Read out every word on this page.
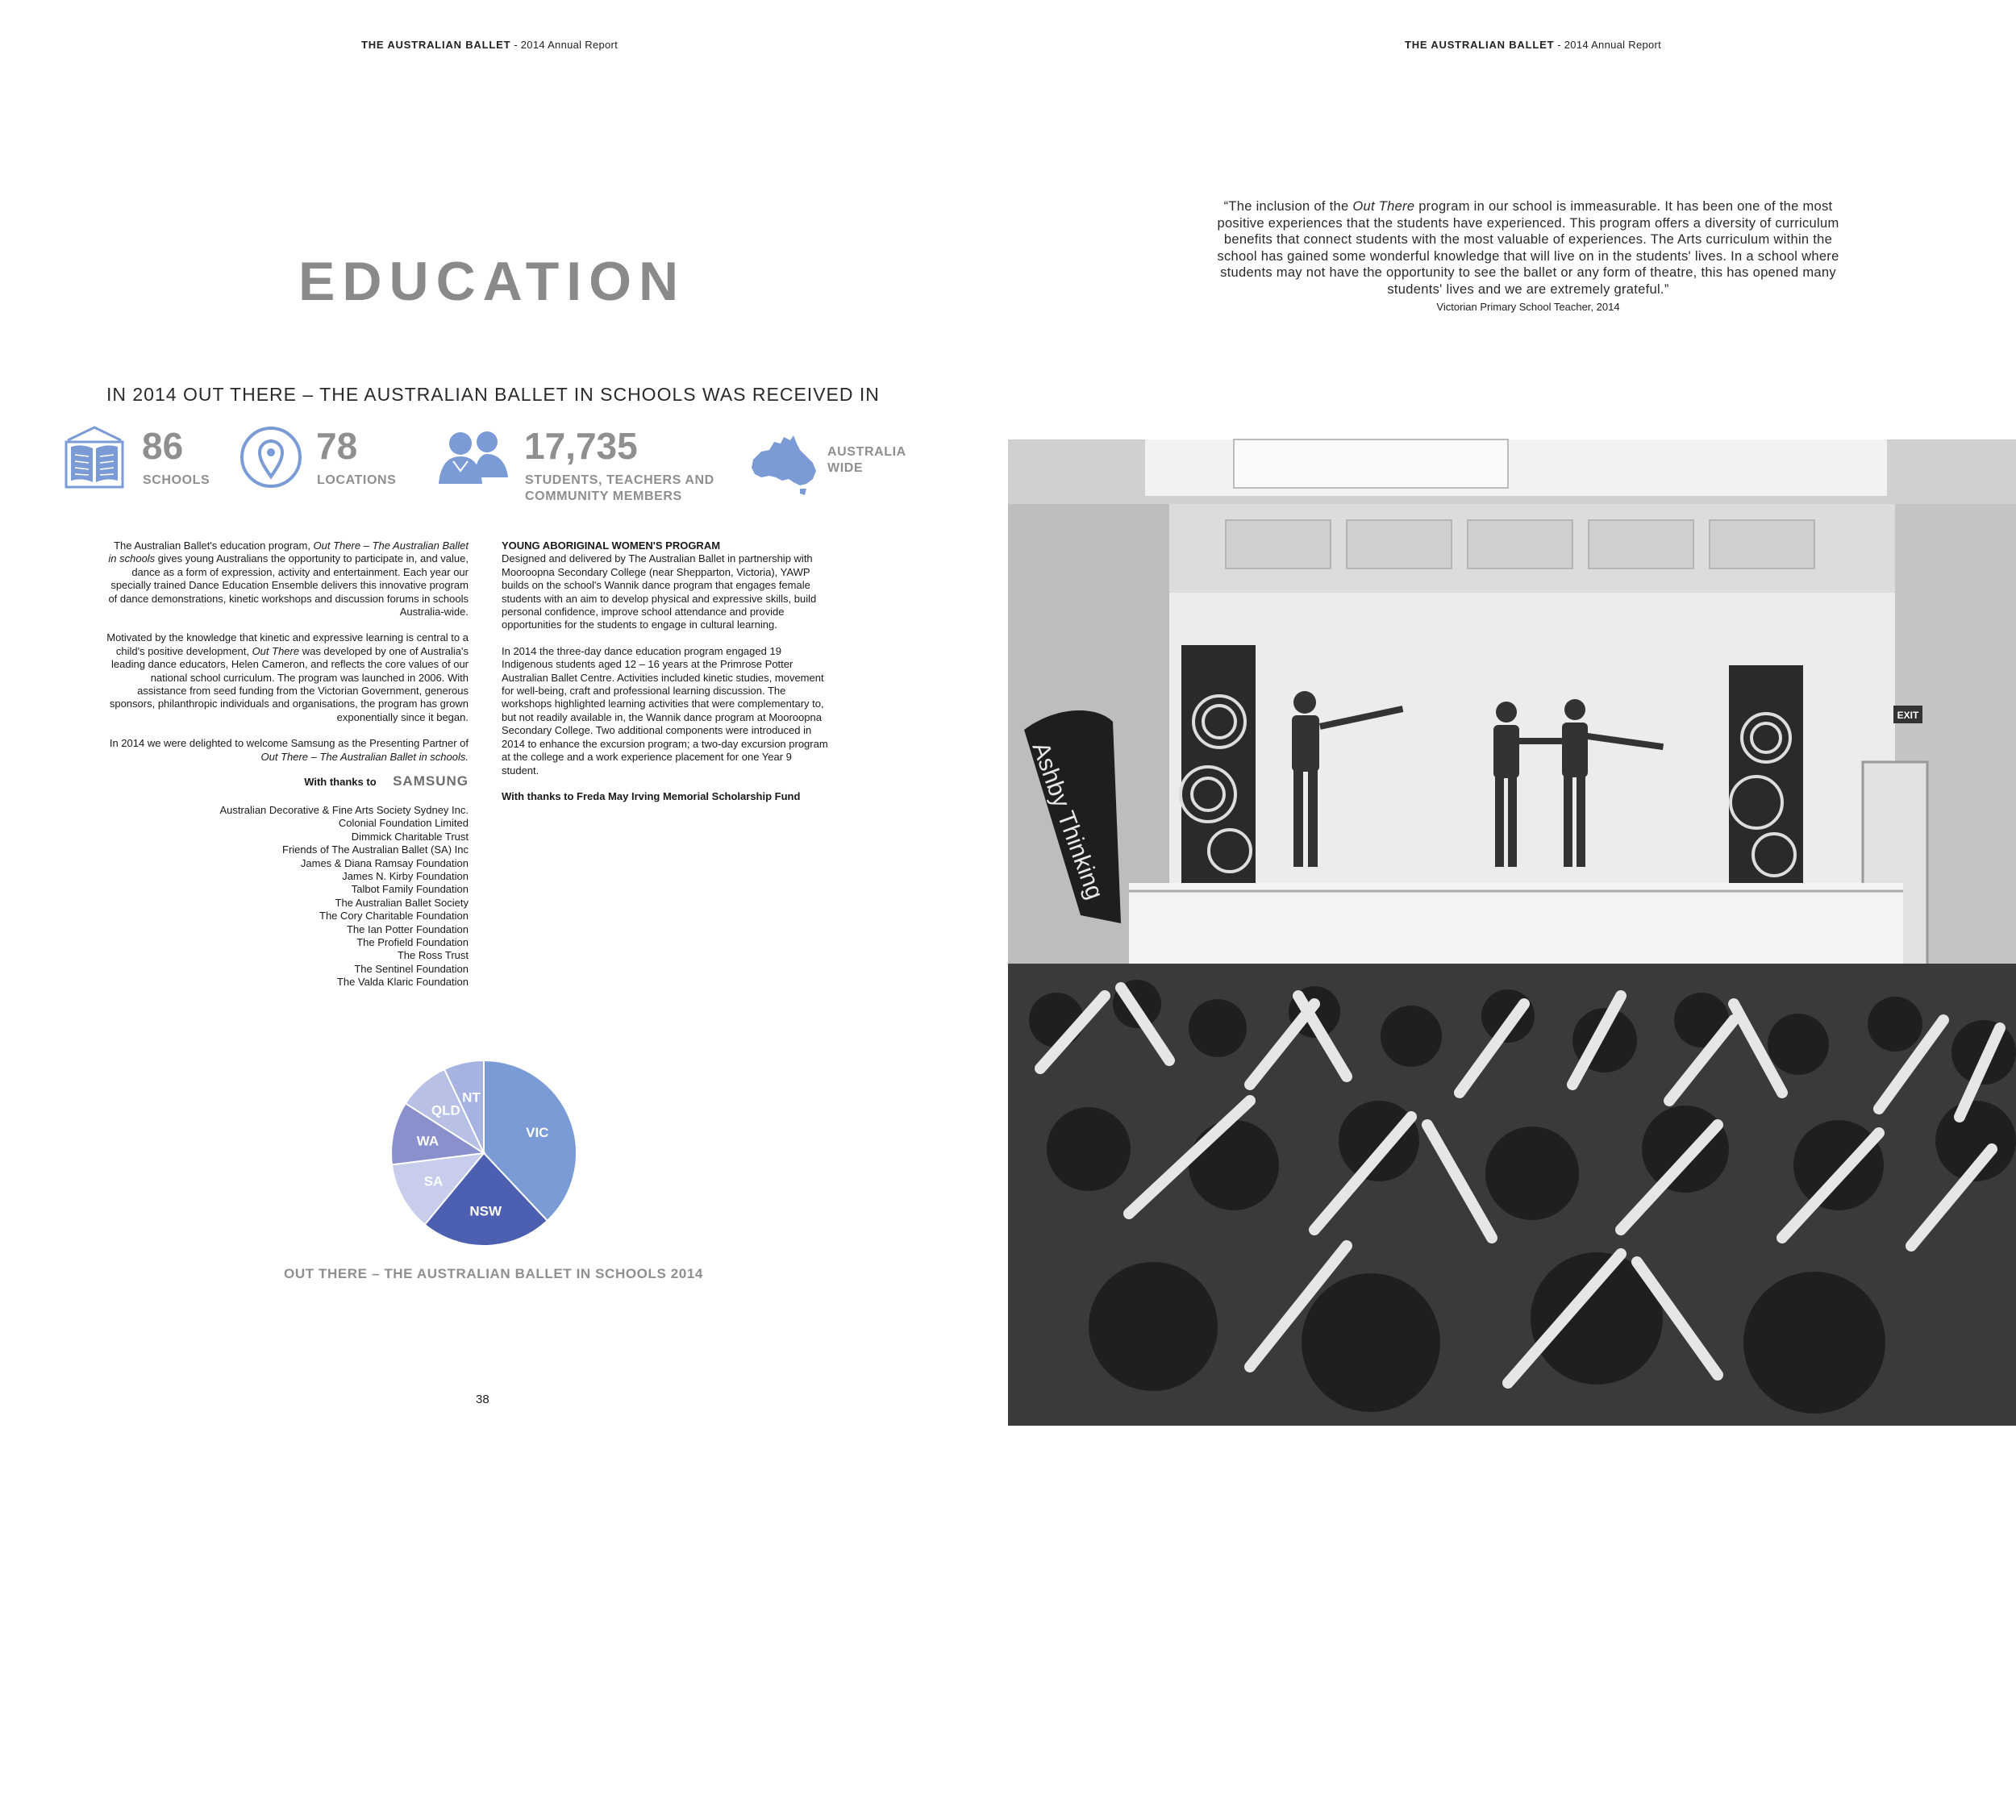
THE AUSTRALIAN BALLET - 2014 Annual Report	THE AUSTRALIAN BALLET - 2014 Annual Report
EDUCATION
IN 2014 OUT THERE – THE AUSTRALIAN BALLET IN SCHOOLS WAS RECEIVED IN
86
SCHOOLS
78
LOCATIONS
17,735
STUDENTS, TEACHERS AND
COMMUNITY MEMBERS
AUSTRALIA
WIDE

The Australian Ballet's education program, Out There – The Australian Ballet in schools gives young Australians the opportunity to participate in, and value, dance as a form of expression, activity and entertainment. Each year our specially trained Dance Education Ensemble delivers this innovative program of dance demonstrations, kinetic workshops and discussion forums in schools Australia-wide.

Motivated by the knowledge that kinetic and expressive learning is central to a child's positive development, Out There was developed by one of Australia's leading dance educators, Helen Cameron, and reflects the core values of our national school curriculum. The program was launched in 2006. With assistance from seed funding from the Victorian Government, generous sponsors, philanthropic individuals and organisations, the program has grown exponentially since it began.

In 2014 we were delighted to welcome Samsung as the Presenting Partner of Out There – The Australian Ballet in schools.

With thanks to SAMSUNG
Australian Decorative & Fine Arts Society Sydney Inc.
Colonial Foundation Limited
Dimmick Charitable Trust
Friends of The Australian Ballet (SA) Inc
James & Diana Ramsay Foundation
James N. Kirby Foundation
Talbot Family Foundation
The Australian Ballet Society
The Cory Charitable Foundation
The Ian Potter Foundation
The Profield Foundation
The Ross Trust
The Sentinel Foundation
The Valda Klaric Foundation
YOUNG ABORIGINAL WOMEN'S PROGRAM

Designed and delivered by The Australian Ballet in partnership with Mooroopna Secondary College (near Shepparton, Victoria), YAWP builds on the school's Wannik dance program that engages female students with an aim to develop physical and expressive skills, build personal confidence, improve school attendance and provide opportunities for the students to engage in cultural learning.

In 2014 the three-day dance education program engaged 19 Indigenous students aged 12 – 16 years at the Primrose Potter Australian Ballet Centre. Activities included kinetic studies, movement for well-being, craft and professional learning discussion. The workshops highlighted learning activities that were complementary to, but not readily available in, the Wannik dance program at Mooroopna Secondary College. Two additional components were introduced in 2014 to enhance the excursion program; a two-day excursion program at the college and a work experience placement for one Year 9 student.

With thanks to Freda May Irving Memorial Scholarship Fund

VIC
NSW
SA
WA
QLD
NT
OUT THERE – THE AUSTRALIAN BALLET IN SCHOOLS 2014
“The inclusion of the Out There program in our school is immeasurable. It has been one of the most positive experiences that the students have experienced. This program offers a diversity of curriculum benefits that connect students with the most valuable of experiences. The Arts curriculum within the school has gained some wonderful knowledge that will live on in the students' lives. In a school where students may not have the opportunity to see the ballet or any form of theatre, this has opened many students' lives and we are extremely grateful.”
Victorian Primary School Teacher, 2014
EXIT
Ashby Thinking
Dance Education Ensemble members presenting Out There – The Australian Ballet in schools at Ashby Primary School, Geelong West. Photography Hayley Arundel
38
